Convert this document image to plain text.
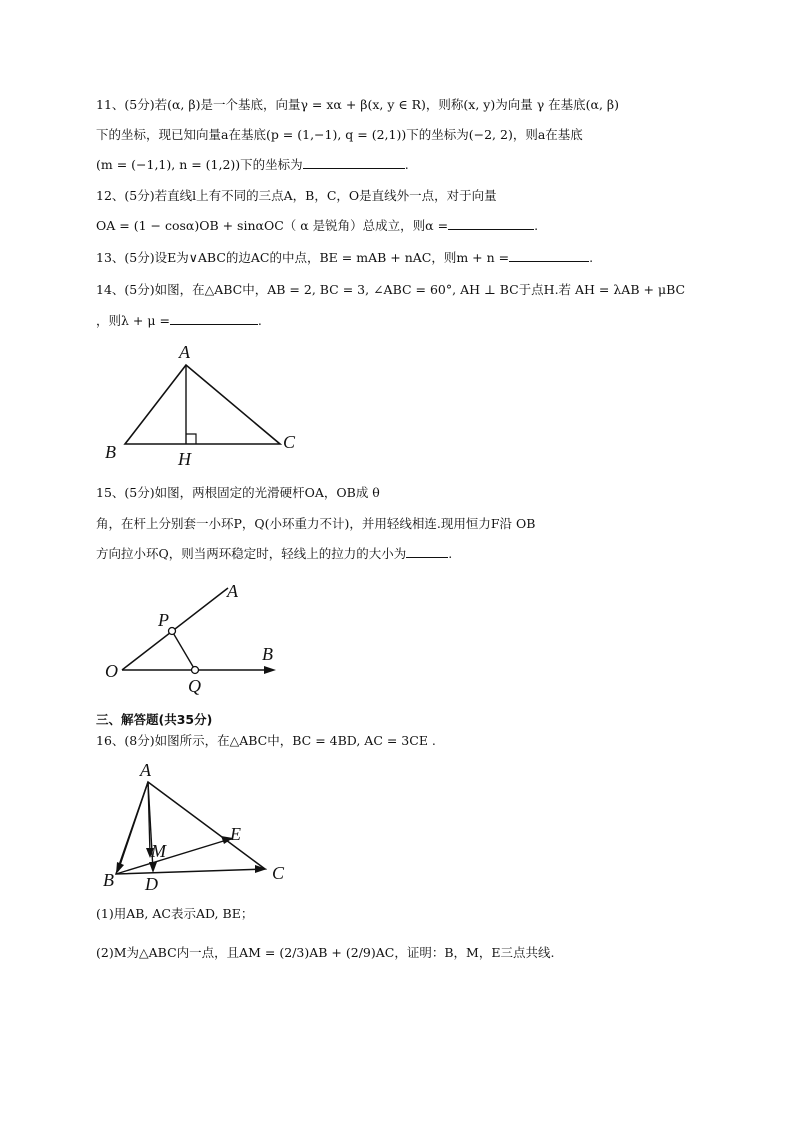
11、(5分)若(α, β)是一个基底，向量γ = xα + β(x, y ∈ R)，则称(x, y)为向量 γ 在基底(α, β)
下的坐标，现已知向量a在基底(p = (1,−1), q = (2,1))下的坐标为(−2, 2)，则a在基底
(m = (−1,1), n = (1,2))下的坐标为	.
12、(5分)若直线l上有不同的三点A，B，C，O是直线外一点，对于向量
OA = (1 − cosα)OB + sinαOC（ α 是锐角）总成立，则α =	.
13、(5分)设E为∨ABC的边AC的中点，BE = mAB + nAC，则m + n =	.
14、(5分)如图，在△ABC中，AB = 2, BC = 3, ∠ABC = 60°, AH ⊥ BC于点H.若 AH = λAB + μBC
，则λ + μ =	.
A
B	C
H
15、(5分)如图，两根固定的光滑硬杆OA，OB成 θ
角，在杆上分别套一小环P，Q(小环重力不计)，并用轻线相连.现用恒力F沿 OB
方向拉小环Q，则当两环稳定时，轻线上的拉力的大小为	.
O
A
B
P
Q
三、解答题(共35分)
16、(8分)如图所示，在△ABC中，BC = 4BD, AC = 3CE .
A
B	C
D
E
M
(1)用AB, AC表示AD, BE；
(2)M为△ABC内一点，且AM = (2/3)AB + (2/9)AC，证明：B，M，E三点共线.
